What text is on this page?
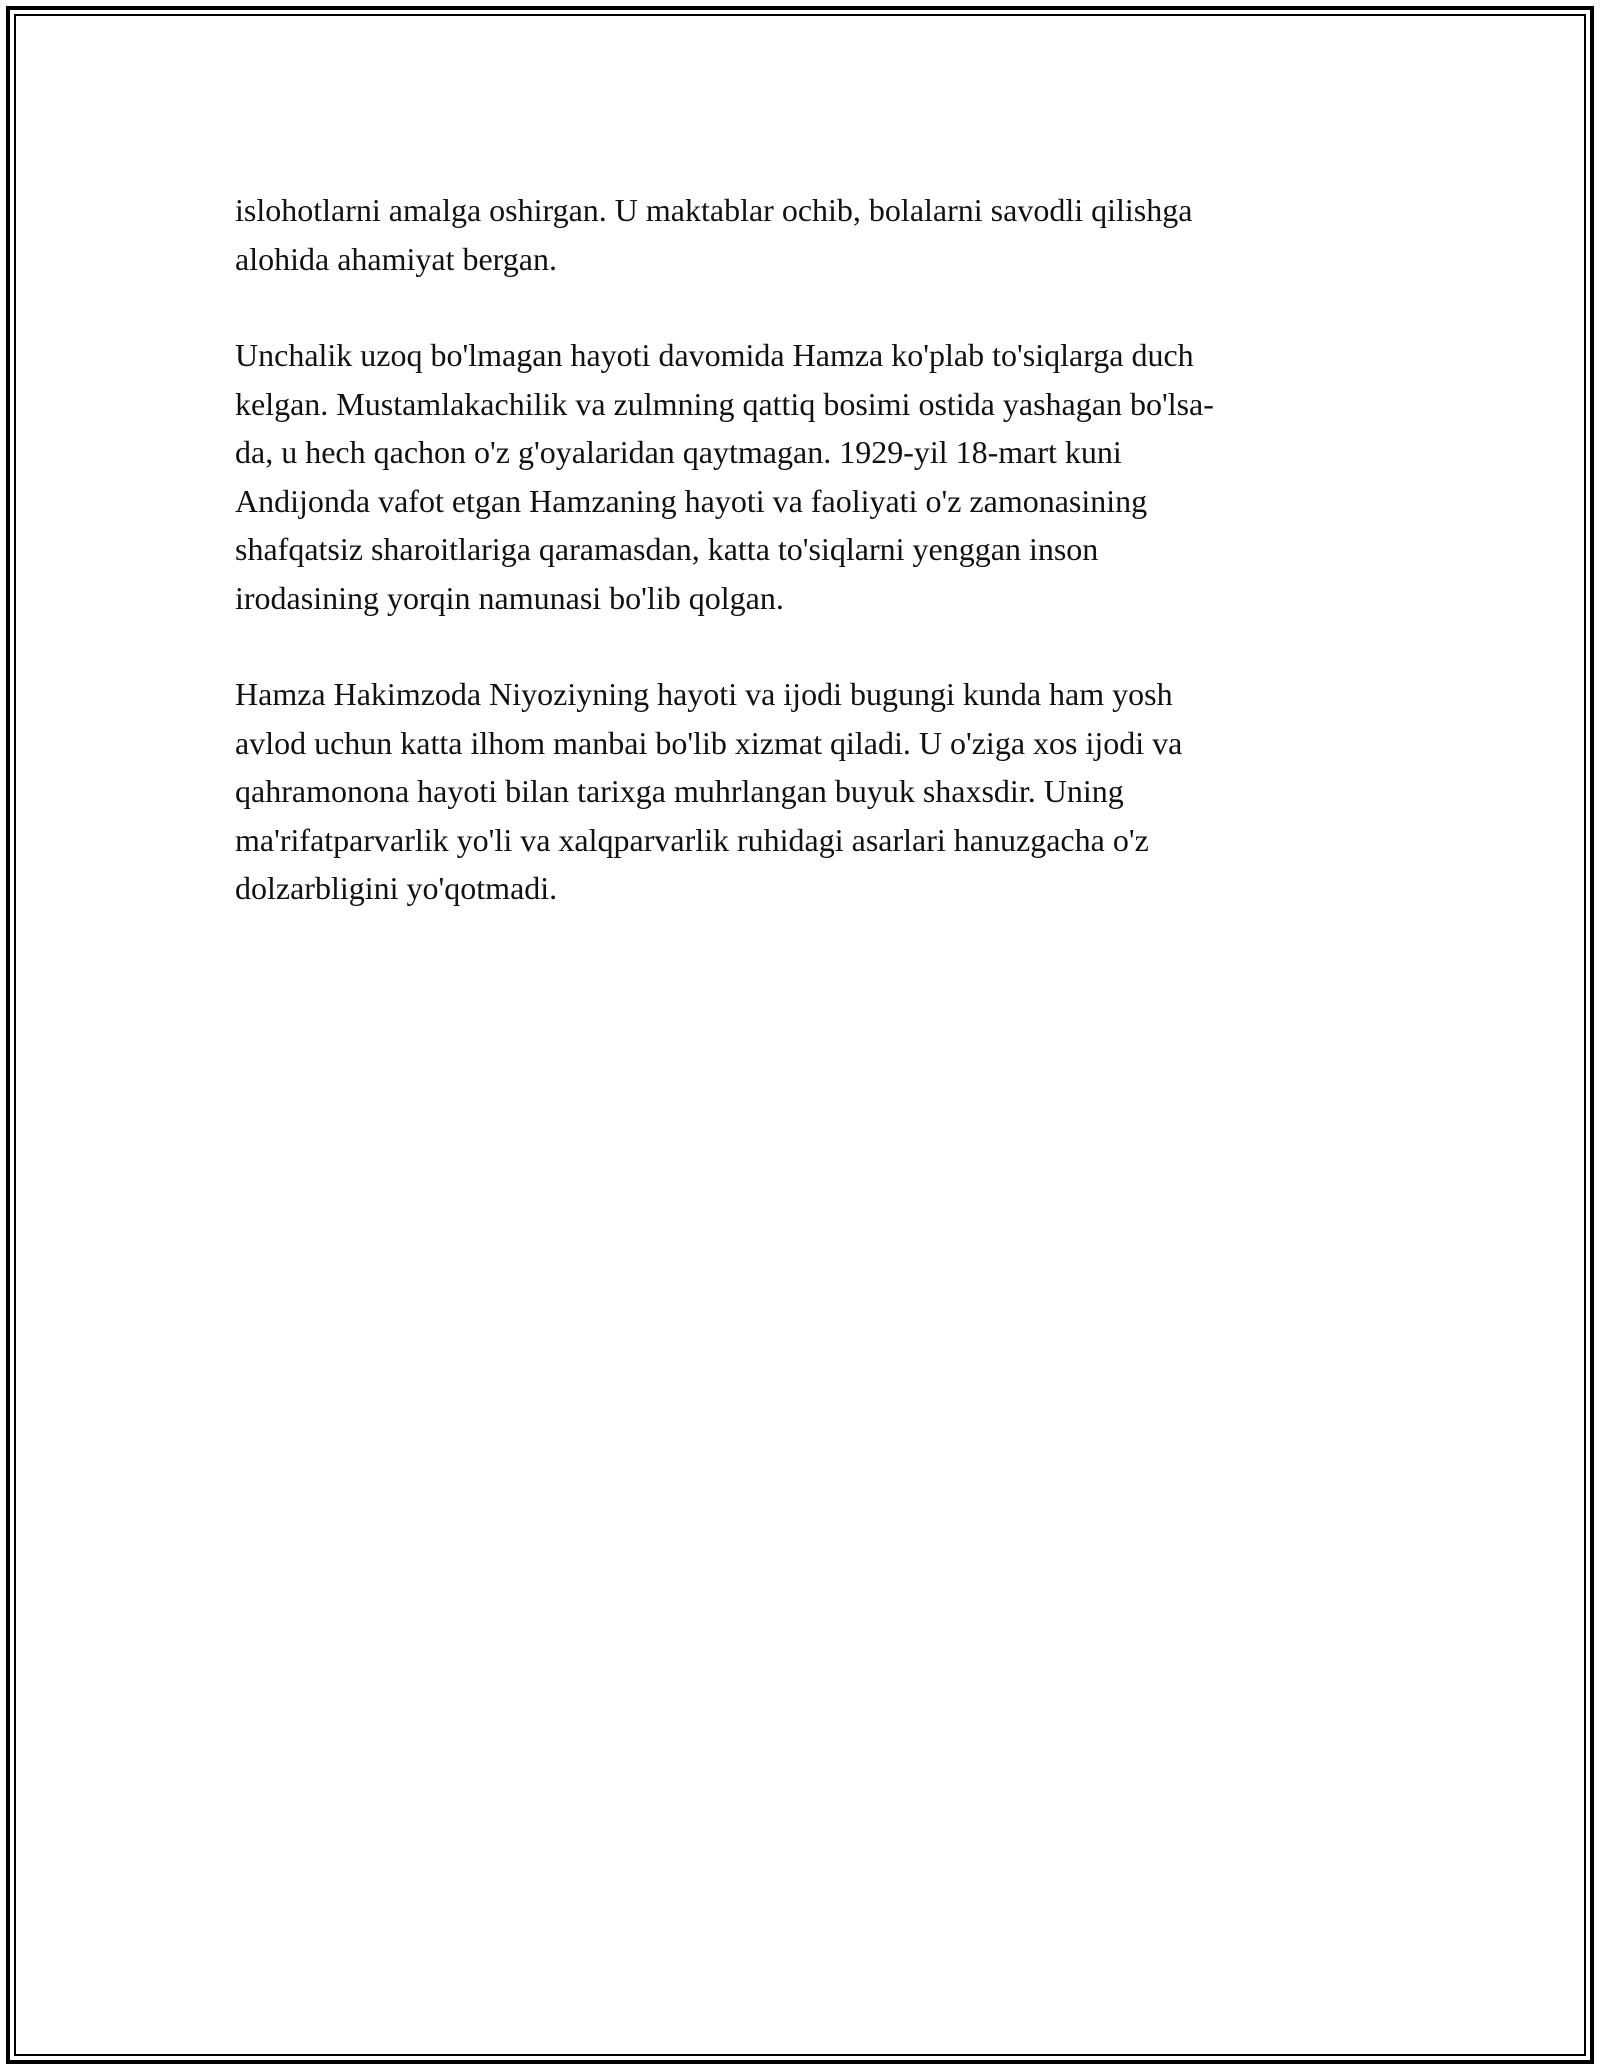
islohotlarni amalga oshirgan. U maktablar ochib, bolalarni savodli qilishga
alohida ahamiyat bergan.

Unchalik uzoq bo'lmagan hayoti davomida Hamza ko'plab to'siqlarga duch
kelgan. Mustamlakachilik va zulmning qattiq bosimi ostida yashagan bo'lsa-
da, u hech qachon o'z g'oyalaridan qaytmagan. 1929-yil 18-mart kuni
Andijonda vafot etgan Hamzaning hayoti va faoliyati o'z zamonasining
shafqatsiz sharoitlariga qaramasdan, katta to'siqlarni yenggan inson
irodasining yorqin namunasi bo'lib qolgan.

Hamza Hakimzoda Niyoziyning hayoti va ijodi bugungi kunda ham yosh
avlod uchun katta ilhom manbai bo'lib xizmat qiladi. U o'ziga xos ijodi va
qahramonona hayoti bilan tarixga muhrlangan buyuk shaxsdir. Uning
ma'rifatparvarlik yo'li va xalqparvarlik ruhidagi asarlari hanuzgacha o'z
dolzarbligini yo'qotmadi.
